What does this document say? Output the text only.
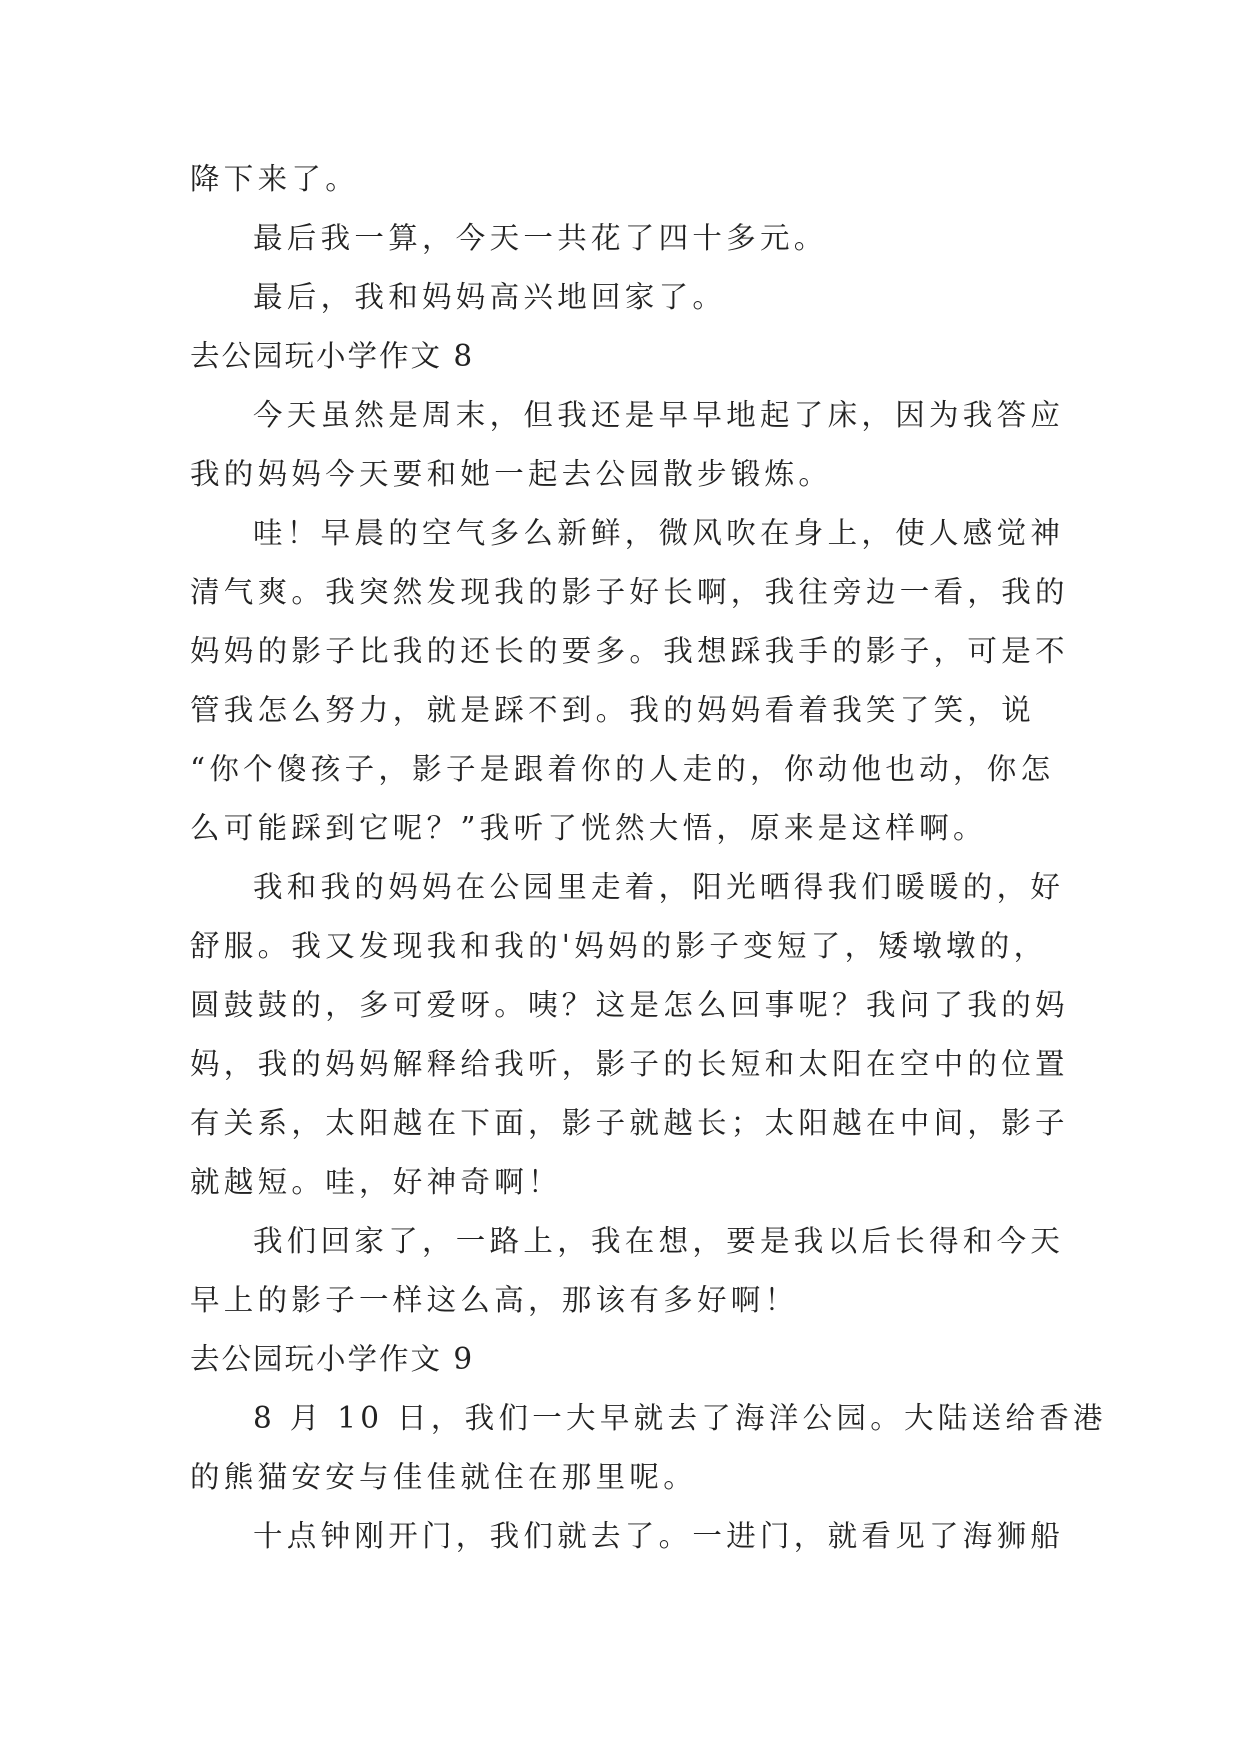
降下来了。
最后我一算，今天一共花了四十多元。
最后，我和妈妈高兴地回家了。
去公园玩小学作文 8
今天虽然是周末，但我还是早早地起了床，因为我答应
我的妈妈今天要和她一起去公园散步锻炼。
哇！早晨的空气多么新鲜，微风吹在身上，使人感觉神
清气爽。我突然发现我的影子好长啊，我往旁边一看，我的
妈妈的影子比我的还长的要多。我想踩我手的影子，可是不
管我怎么努力，就是踩不到。我的妈妈看着我笑了笑，说
“你个傻孩子，影子是跟着你的人走的，你动他也动，你怎
么可能踩到它呢？”我听了恍然大悟，原来是这样啊。
我和我的妈妈在公园里走着，阳光晒得我们暖暖的，好
舒服。我又发现我和我的'妈妈的影子变短了，矮墩墩的，
圆鼓鼓的，多可爱呀。咦？这是怎么回事呢？我问了我的妈
妈，我的妈妈解释给我听，影子的长短和太阳在空中的位置
有关系，太阳越在下面，影子就越长；太阳越在中间，影子
就越短。哇，好神奇啊！
我们回家了，一路上，我在想，要是我以后长得和今天
早上的影子一样这么高，那该有多好啊！
去公园玩小学作文 9
8 月 10 日，我们一大早就去了海洋公园。大陆送给香港
的熊猫安安与佳佳就住在那里呢。
十点钟刚开门，我们就去了。一进门，就看见了海狮船
